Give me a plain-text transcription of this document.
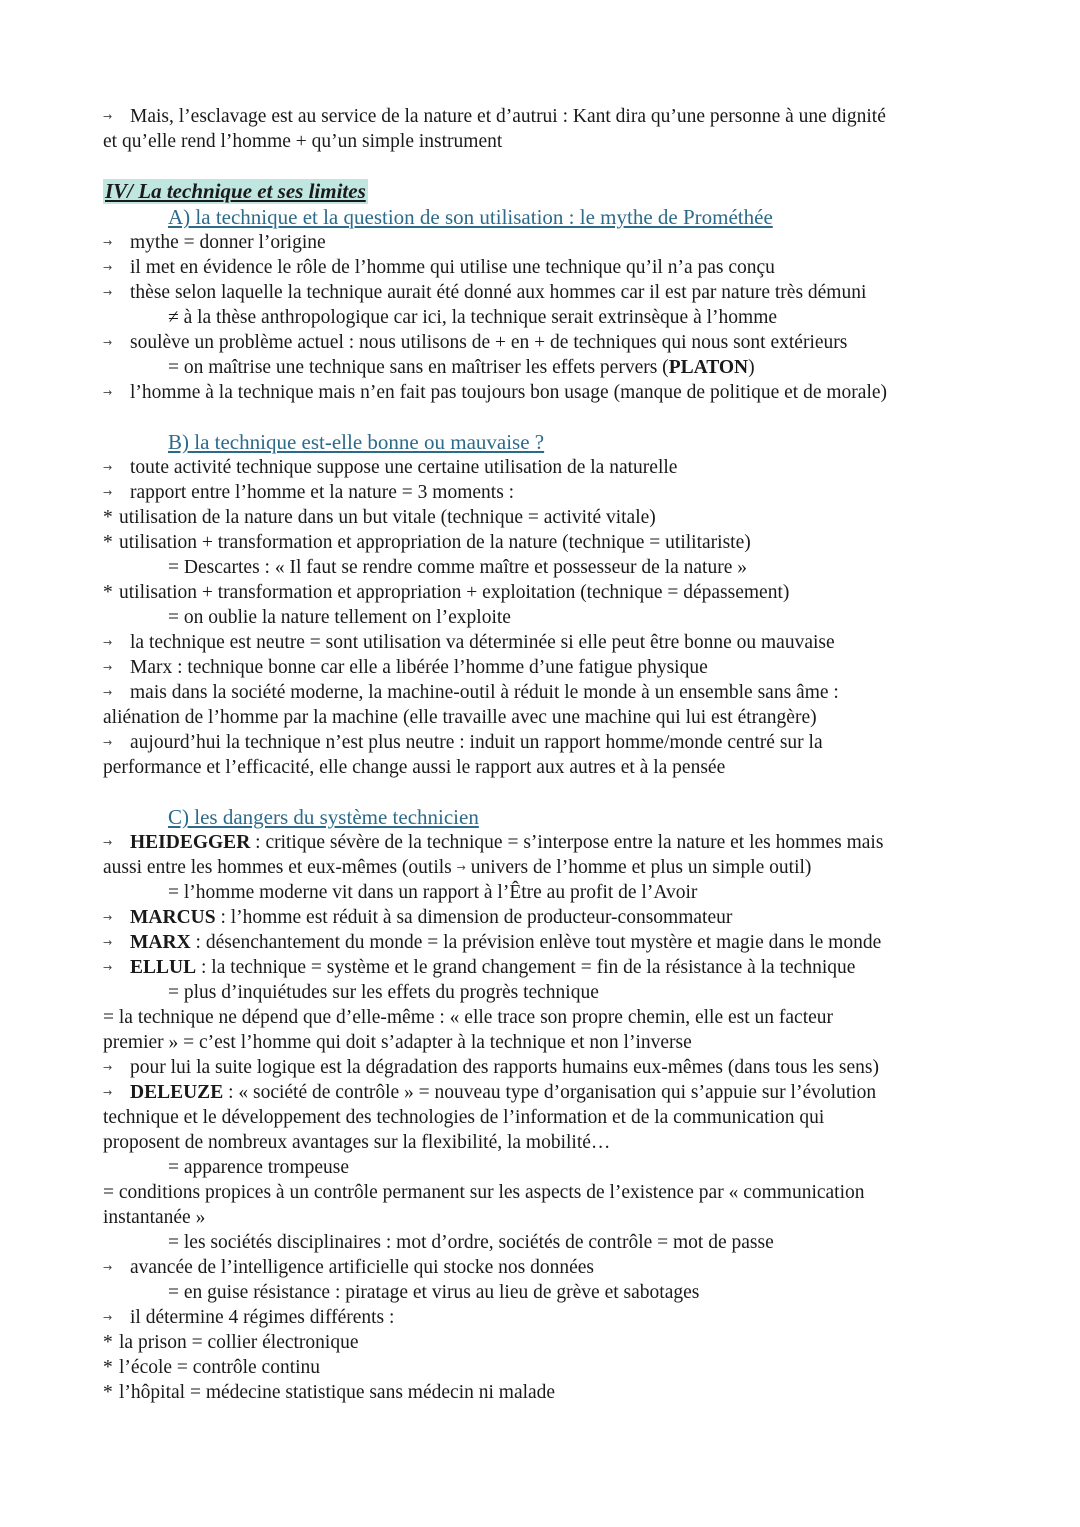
→ Mais, l’esclavage est au service de la nature et d’autrui : Kant dira qu’une personne à une dignité
et qu’elle rend l’homme + qu’un simple instrument
IV/ La technique et ses limites
A) la technique et la question de son utilisation : le mythe de Prométhée
→ mythe = donner l’origine
→ il met en évidence le rôle de l’homme qui utilise une technique qu’il n’a pas conçu
→ thèse selon laquelle la technique aurait été donné aux hommes car il est par nature très démuni
≠ à la thèse anthropologique car ici, la technique serait extrinsèque à l’homme
→ soulève un problème actuel : nous utilisons de + en + de techniques qui nous sont extérieurs
= on maîtrise une technique sans en maîtriser les effets pervers (PLATON)
→ l’homme à la technique mais n’en fait pas toujours bon usage (manque de politique et de morale)
B) la technique est-elle bonne ou mauvaise ?
→ toute activité technique suppose une certaine utilisation de la naturelle
→ rapport entre l’homme et la nature = 3 moments :
* utilisation de la nature dans un but vitale (technique = activité vitale)
* utilisation + transformation et appropriation de la nature (technique = utilitariste)
= Descartes : « Il faut se rendre comme maître et possesseur de la nature »
* utilisation + transformation et appropriation + exploitation (technique = dépassement)
= on oublie la nature tellement on l’exploite
→ la technique est neutre = sont utilisation va déterminée si elle peut être bonne ou mauvaise
→ Marx : technique bonne car elle a libérée l’homme d’une fatigue physique
→ mais dans la société moderne, la machine-outil à réduit le monde à un ensemble sans âme :
aliénation de l’homme par la machine (elle travaille avec une machine qui lui est étrangère)
→ aujourd’hui la technique n’est plus neutre : induit un rapport homme/monde centré sur la
performance et l’efficacité, elle change aussi le rapport aux autres et à la pensée
C) les dangers du système technicien
→ HEIDEGGER : critique sévère de la technique = s’interpose entre la nature et les hommes mais
aussi entre les hommes et eux-mêmes (outils → univers de l’homme et plus un simple outil)
= l’homme moderne vit dans un rapport à l’Être au profit de l’Avoir
→ MARCUS : l’homme est réduit à sa dimension de producteur-consommateur
→ MARX : désenchantement du monde = la prévision enlève tout mystère et magie dans le monde
→ ELLUL : la technique = système et le grand changement = fin de la résistance à la technique
= plus d’inquiétudes sur les effets du progrès technique
= la technique ne dépend que d’elle-même : « elle trace son propre chemin, elle est un facteur
premier » = c’est l’homme qui doit s’adapter à la technique et non l’inverse
→ pour lui la suite logique est la dégradation des rapports humains eux-mêmes (dans tous les sens)
→ DELEUZE : « société de contrôle » = nouveau type d’organisation qui s’appuie sur l’évolution
technique et le développement des technologies de l’information et de la communication qui
proposent de nombreux avantages sur la flexibilité, la mobilité…
= apparence trompeuse
= conditions propices à un contrôle permanent sur les aspects de l’existence par « communication
instantanée »
= les sociétés disciplinaires : mot d’ordre, sociétés de contrôle = mot de passe
→ avancée de l’intelligence artificielle qui stocke nos données
= en guise résistance : piratage et virus au lieu de grève et sabotages
→ il détermine 4 régimes différents :
* la prison = collier électronique
* l’école = contrôle continu
* l’hôpital = médecine statistique sans médecin ni malade
